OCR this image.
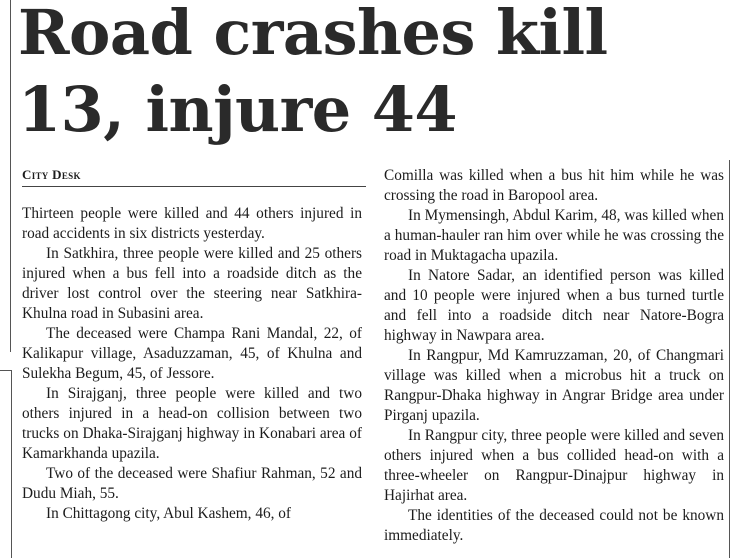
Road crashes kill 13, injure 44
City Desk

Thirteen people were killed and 44 others injured in road accidents in six districts yesterday.

In Satkhira, three people were killed and 25 others injured when a bus fell into a roadside ditch as the driver lost control over the steering near Satkhira-Khulna road in Subasini area.

The deceased were Champa Rani Mandal, 22, of Kalikapur village, Asaduzzaman, 45, of Khulna and Sulekha Begum, 45, of Jessore.

In Sirajganj, three people were killed and two others injured in a head-on collision between two trucks on Dhaka-Sirajganj highway in Konabari area of Kamarkhanda upazila.

Two of the deceased were Shafiur Rahman, 52 and Dudu Miah, 55.

In Chittagong city, Abul Kashem, 46, of

Comilla was killed when a bus hit him while he was crossing the road in Baropool area.

In Mymensingh, Abdul Karim, 48, was killed when a human-hauler ran him over while he was crossing the road in Muktagacha upazila.

In Natore Sadar, an identified person was killed and 10 people were injured when a bus turned turtle and fell into a roadside ditch near Natore-Bogra highway in Nawpara area.

In Rangpur, Md Kamruzzaman, 20, of Changmari village was killed when a microbus hit a truck on Rangpur-Dhaka highway in Angrar Bridge area under Pirganj upazila.

In Rangpur city, three people were killed and seven others injured when a bus collided head-on with a three-wheeler on Rangpur-Dinajpur highway in Hajirhat area.

The identities of the deceased could not be known immediately.
